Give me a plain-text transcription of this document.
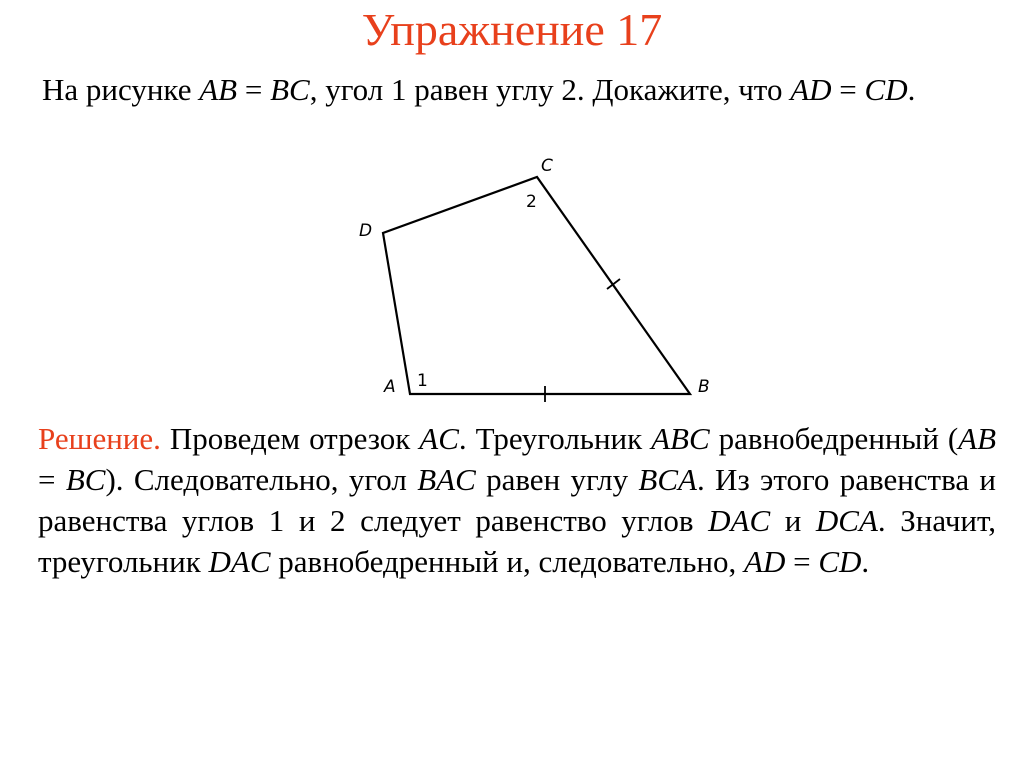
Упражнение 17
На рисунке AB = BC, угол 1 равен углу 2. Докажите, что AD = CD.
A	B
C
D
1
2
Решение. Проведем отрезок AC. Треугольник ABC равнобедренный (AB = BC). Следовательно, угол BAC равен углу BCA. Из этого равенства и равенства углов 1 и 2 следует равенство углов DAC и DCA. Значит, треугольник DAC равнобедренный и, следовательно, AD = CD.
